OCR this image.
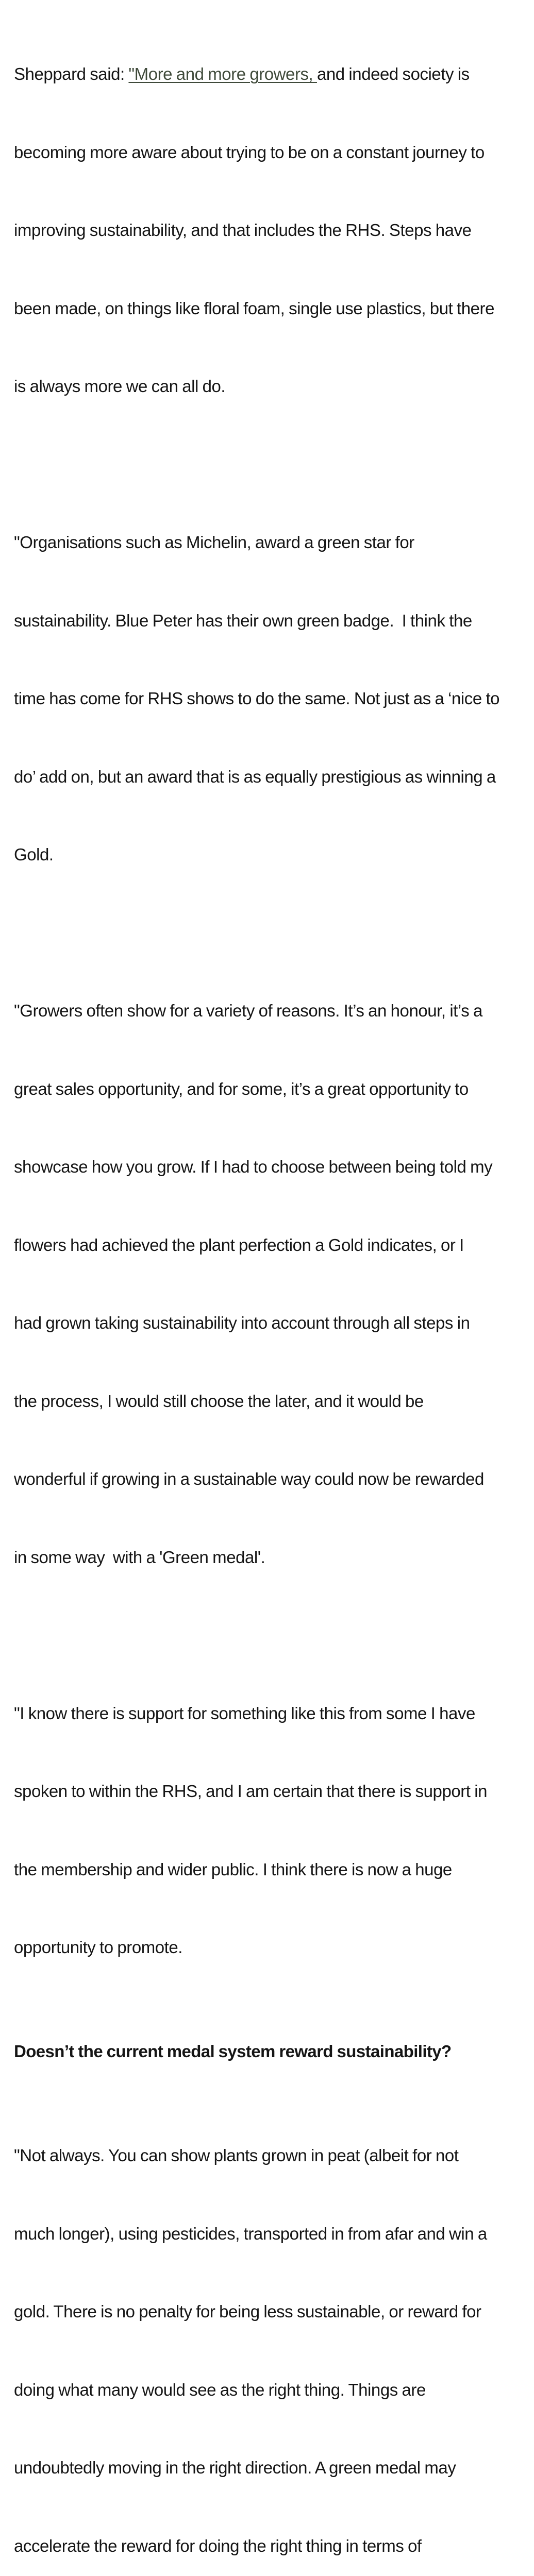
Sheppard said: "More and more growers, and indeed society is

becoming more aware about trying to be on a constant journey to

improving sustainability, and that includes the RHS. Steps have

been made, on things like floral foam, single use plastics, but there

is always more we can all do.

"Organisations such as Michelin, award a green star for

sustainability. Blue Peter has their own green badge.  I think the

time has come for RHS shows to do the same. Not just as a ‘nice to

do’ add on, but an award that is as equally prestigious as winning a

Gold.

"Growers often show for a variety of reasons. It’s an honour, it’s a

great sales opportunity, and for some, it’s a great opportunity to

showcase how you grow. If I had to choose between being told my

flowers had achieved the plant perfection a Gold indicates, or I

had grown taking sustainability into account through all steps in

the process, I would still choose the later, and it would be

wonderful if growing in a sustainable way could now be rewarded

in some way  with a 'Green medal'.

"I know there is support for something like this from some I have

spoken to within the RHS, and I am certain that there is support in

the membership and wider public. I think there is now a huge

opportunity to promote.

Doesn’t the current medal system reward sustainability?

"Not always. You can show plants grown in peat (albeit for not

much longer), using pesticides, transported in from afar and win a

gold. There is no penalty for being less sustainable, or reward for

doing what many would see as the right thing. Things are

undoubtedly moving in the right direction. A green medal may

accelerate the reward for doing the right thing in terms of
